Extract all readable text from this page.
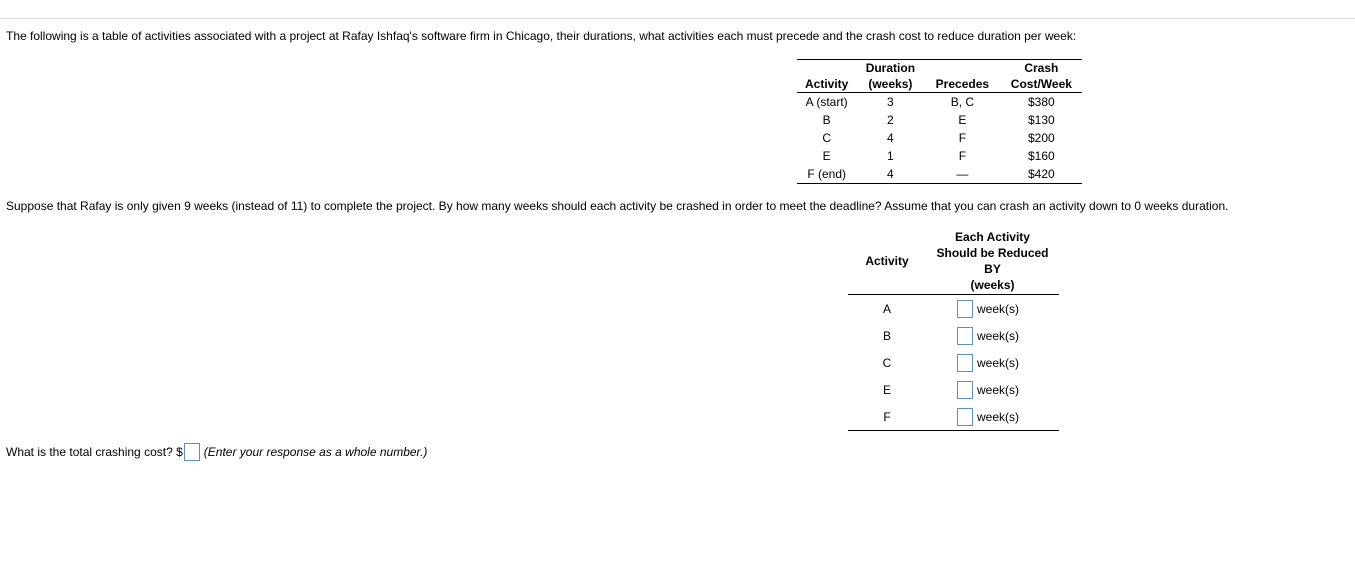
The following is a table of activities associated with a project at Rafay Ishfaq's software firm in Chicago, their durations, what activities each must precede and the crash cost to reduce duration per week:
	Duration		Crash
Activity	(weeks)	Precedes	Cost/Week
A (start)	3	B, C	$380
B	2	E	$130
C	4	F	$200
E	1	F	$160
F (end)	4	—	$420
Suppose that Rafay is only given 9 weeks (instead of 11) to complete the project. By how many weeks should each activity be crashed in order to meet the deadline? Assume that you can crash an activity down to 0 weeks duration.
Activity	Each Activity
Should be Reduced
BY
(weeks)

A	week(s)

B	week(s)

C	week(s)

E	week(s)

F	week(s)
What is the total crashing cost? $ (Enter your response as a whole number.)
